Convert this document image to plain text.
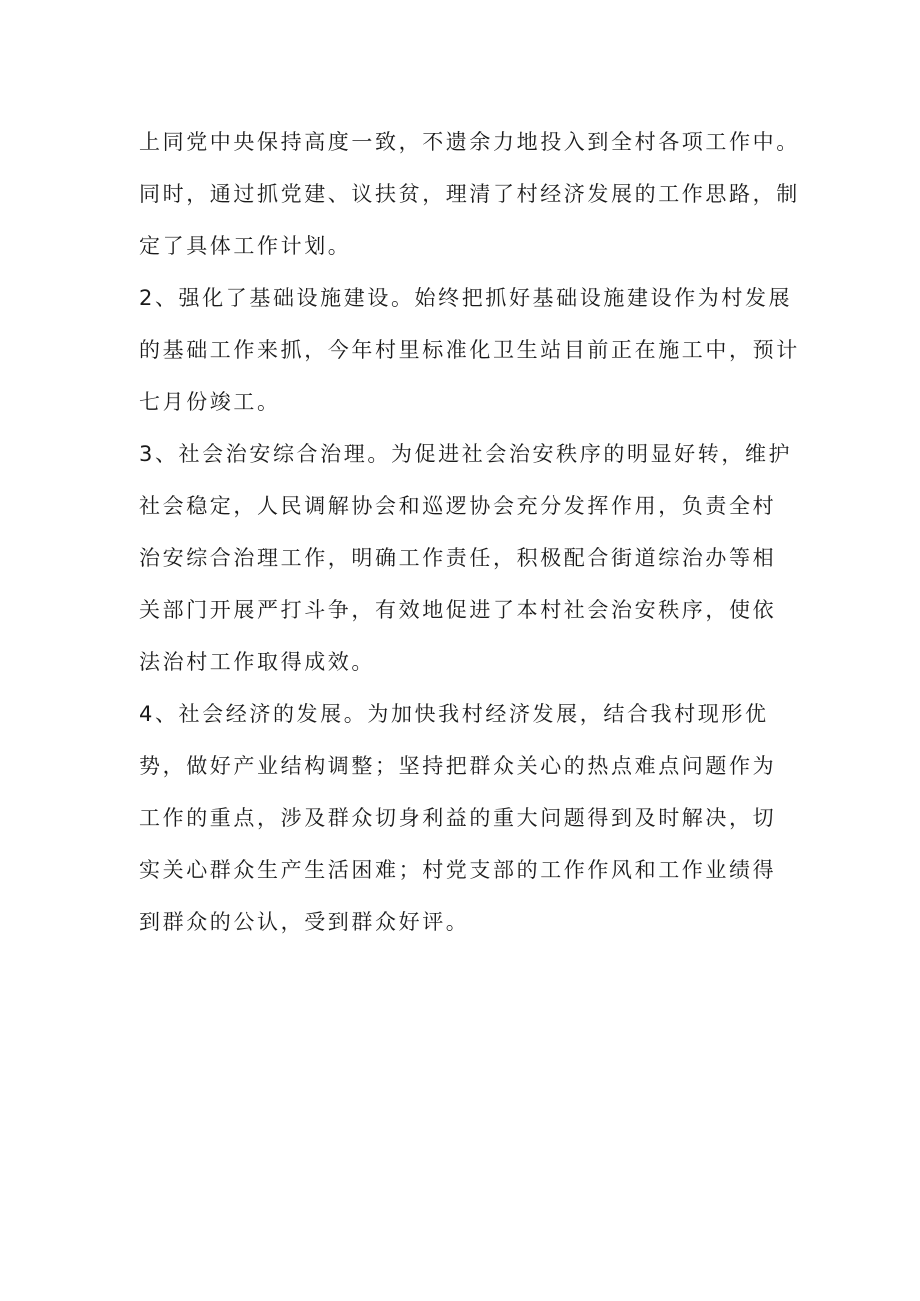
上同党中央保持高度一致，不遗余力地投入到全村各项工作中。
同时，通过抓党建、议扶贫，理清了村经济发展的工作思路，制
定了具体工作计划。
2、强化了基础设施建设。始终把抓好基础设施建设作为村发展
的基础工作来抓，今年村里标准化卫生站目前正在施工中，预计
七月份竣工。
3、社会治安综合治理。为促进社会治安秩序的明显好转，维护
社会稳定，人民调解协会和巡逻协会充分发挥作用，负责全村
治安综合治理工作，明确工作责任，积极配合街道综治办等相
关部门开展严打斗争，有效地促进了本村社会治安秩序，使依
法治村工作取得成效。
4、社会经济的发展。为加快我村经济发展，结合我村现形优
势，做好产业结构调整；坚持把群众关心的热点难点问题作为
工作的重点，涉及群众切身利益的重大问题得到及时解决，切
实关心群众生产生活困难；村党支部的工作作风和工作业绩得
到群众的公认，受到群众好评。
